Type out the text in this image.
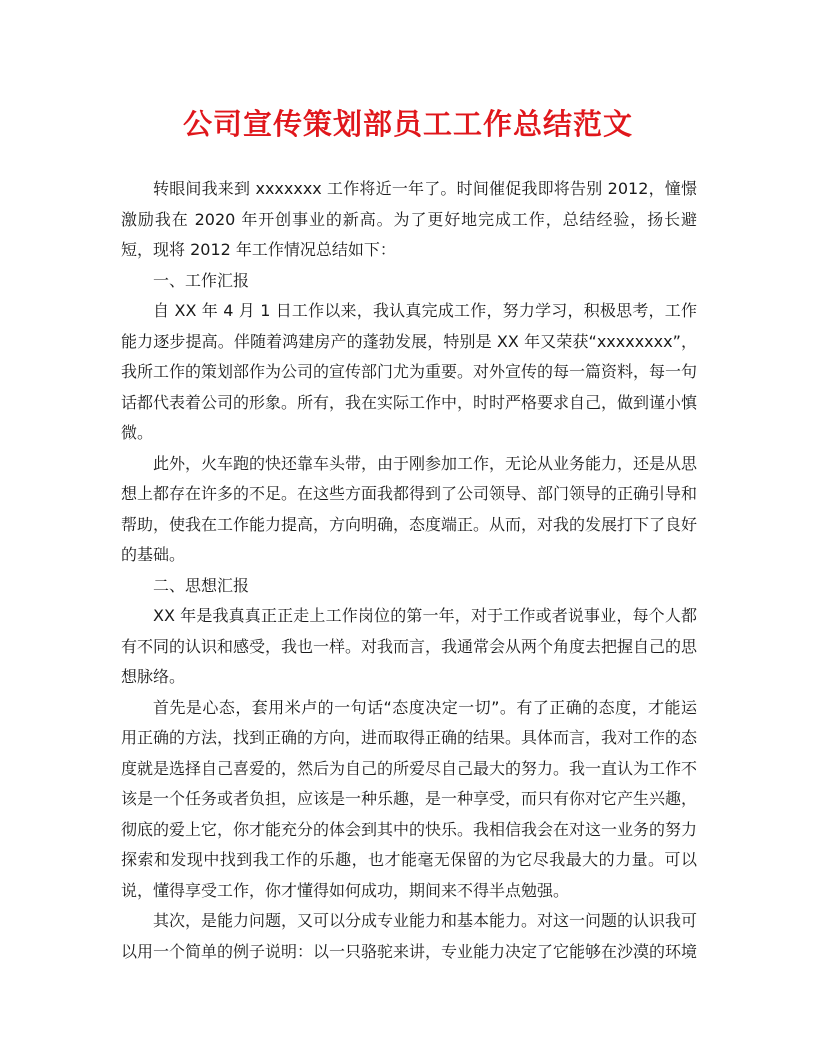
公司宣传策划部员工工作总结范文

转眼间我来到 xxxxxxx 工作将近一年了。时间催促我即将告别 2012，憧憬激励我在 2020 年开创事业的新高。为了更好地完成工作，总结经验，扬长避短，现将 2012 年工作情况总结如下：

一、工作汇报

自 XX 年 4 月 1 日工作以来，我认真完成工作，努力学习，积极思考，工作能力逐步提高。伴随着鸿建房产的蓬勃发展，特别是 XX 年又荣获“xxxxxxxx”，我所工作的策划部作为公司的宣传部门尤为重要。对外宣传的每一篇资料，每一句话都代表着公司的形象。所有，我在实际工作中，时时严格要求自己，做到谨小慎微。

此外，火车跑的快还靠车头带，由于刚参加工作，无论从业务能力，还是从思想上都存在许多的不足。在这些方面我都得到了公司领导、部门领导的正确引导和帮助，使我在工作能力提高，方向明确，态度端正。从而，对我的发展打下了良好的基础。

二、思想汇报

XX 年是我真真正正走上工作岗位的第一年，对于工作或者说事业，每个人都有不同的认识和感受，我也一样。对我而言，我通常会从两个角度去把握自己的思想脉络。

首先是心态，套用米卢的一句话“态度决定一切”。有了正确的态度，才能运用正确的方法，找到正确的方向，进而取得正确的结果。具体而言，我对工作的态度就是选择自己喜爱的，然后为自己的所爱尽自己最大的努力。我一直认为工作不该是一个任务或者负担，应该是一种乐趣，是一种享受，而只有你对它产生兴趣，彻底的爱上它，你才能充分的体会到其中的快乐。我相信我会在对这一业务的努力探索和发现中找到我工作的乐趣，也才能毫无保留的为它尽我最大的力量。可以说，懂得享受工作，你才懂得如何成功，期间来不得半点勉强。

其次，是能力问题，又可以分成专业能力和基本能力。对这一问题的认识我可以用一个简单的例子说明：以一只骆驼来讲，专业能力决定了它能够在沙漠的环境
